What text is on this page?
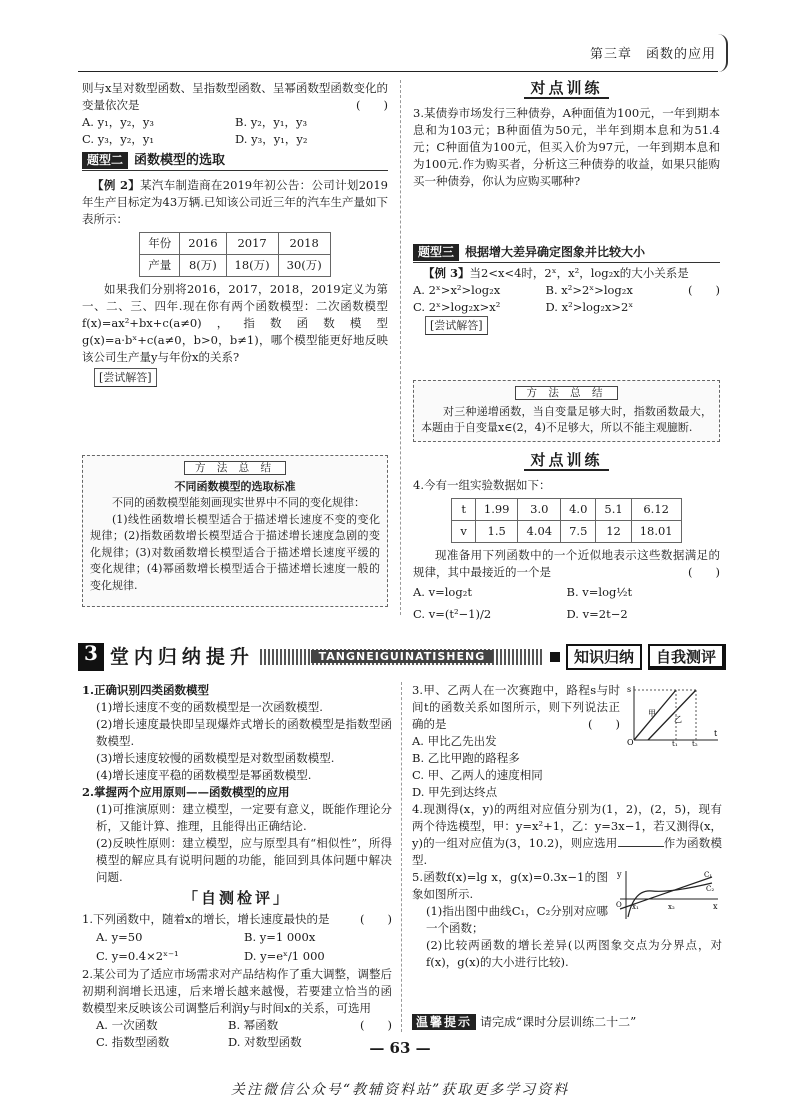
第三章　函数的应用

则与x呈对数型函数、呈指数型函数、呈幂函数型函数变化的变量依次是	(　　)

A. y₁，y₂，y₃	B. y₂，y₁，y₃
C. y₃，y₂，y₁	D. y₃，y₁，y₂
题型二 函数模型的选取

【例 2】某汽车制造商在2019年初公告：公司计划2019年生产目标定为43万辆.已知该公司近三年的汽车生产量如下表所示：

年份	2016	2017	2018
产量	8(万)	18(万)	30(万)

如果我们分别将2016，2017，2018，2019定义为第一、二、三、四年.现在你有两个函数模型：二次函数模型f(x)=ax²+bx+c(a≠0)，指数函数模型g(x)=a·bˣ+c(a≠0，b>0，b≠1)，哪个模型能更好地反映该公司生产量y与年份x的关系?

[尝试解答]
方 法 总 结
不同函数模型的选取标准

不同的函数模型能刻画现实世界中不同的变化规律：

(1)线性函数增长模型适合于描述增长速度不变的变化规律；(2)指数函数增长模型适合于描述增长速度急剧的变化规律；(3)对数函数增长模型适合于描述增长速度平缓的变化规律；(4)幂函数增长模型适合于描述增长速度一般的变化规律.

对点训练

3.某债券市场发行三种债券，A种面值为100元，一年到期本息和为103元；B种面值为50元，半年到期本息和为51.4元；C种面值为100元，但买入价为97元，一年到期本息和为100元.作为购买者，分析这三种债券的收益，如果只能购买一种债券，你认为应购买哪种?

题型三 根据增大差异确定图象并比较大小

【例 3】当2<x<4时，2ˣ，x²，log₂x的大小关系是
(　　)

A. 2ˣ>x²>log₂x	B. x²>2ˣ>log₂x
C. 2ˣ>log₂x>x²	D. x²>log₂x>2ˣ
[尝试解答]
方 法 总 结

对三种递增函数，当自变量足够大时，指数函数最大，本题由于自变量x∈(2，4)不足够大，所以不能主观臆断.

对点训练

4.今有一组实验数据如下：

t	1.99	3.0	4.0	5.1	6.12
v	1.5	4.04	7.5	12	18.01

现准备用下列函数中的一个近似地表示这些数据满足的规律，其中最接近的一个是	(　　)

A. v=log₂t	B. v=log½t
C. v=(t²−1)/2	D. v=2t−2
3 堂内归纳提升	TANGNEIGUINATISHENG	知识归纳	自我测评
1.正确识别四类函数模型

(1)增长速度不变的函数模型是一次函数模型.

(2)增长速度最快即呈现爆炸式增长的函数模型是指数型函数模型.

(3)增长速度较慢的函数模型是对数型函数模型.

(4)增长速度平稳的函数模型是幂函数模型.

2.掌握两个应用原则——函数模型的应用

(1)可推演原则：建立模型，一定要有意义，既能作理论分析，又能计算、推理，且能得出正确结论.

(2)反映性原则：建立模型，应与原型具有“相似性”，所得模型的解应具有说明问题的功能，能回到具体问题中解决问题.

「自测检评」

1.下列函数中，随着x的增长，增长速度最快的是	(　　)

A. y=50	B. y=1 000x
C. y=0.4×2ˣ⁻¹	D. y=eˣ/1 000

2.某公司为了适应市场需求对产品结构作了重大调整，调整后初期利润增长迅速，后来增长越来越慢，若要建立恰当的函数模型来反映该公司调整后利润y与时间x的关系，可选用
(　　)

A. 一次函数	B. 幂函数
C. 指数型函数	D. 对数型函数

3.甲、乙两人在一次赛跑中，路程s与时间t的函数关系如图所示，则下列说法正确的是	(　　)

A. 甲比乙先出发

B. 乙比甲跑的路程多

C. 甲、乙两人的速度相同

D. 甲先到达终点

s
t
O	t₁ t₂
甲
乙

4.现测得(x，y)的两组对应值分别为(1，2)，(2，5)，现有两个待选模型，甲：y=x²+1，乙：y=3x−1，若又测得(x，y)的一组对应值为(3，10.2)，则应选用	作为函数模型.

5.函数f(x)=lg x，g(x)=0.3x−1的图象如图所示.

(1)指出图中曲线C₁，C₂分别对应哪一个函数；

y
x
O
C₁
C₂
x₁	x₂

(2)比较两函数的增长差异(以两图象交点为分界点，对f(x)，g(x)的大小进行比较).

温馨提示 请完成“课时分层训练二十二”
— 63 —
关注微信公众号“教辅资料站”获取更多学习资料
